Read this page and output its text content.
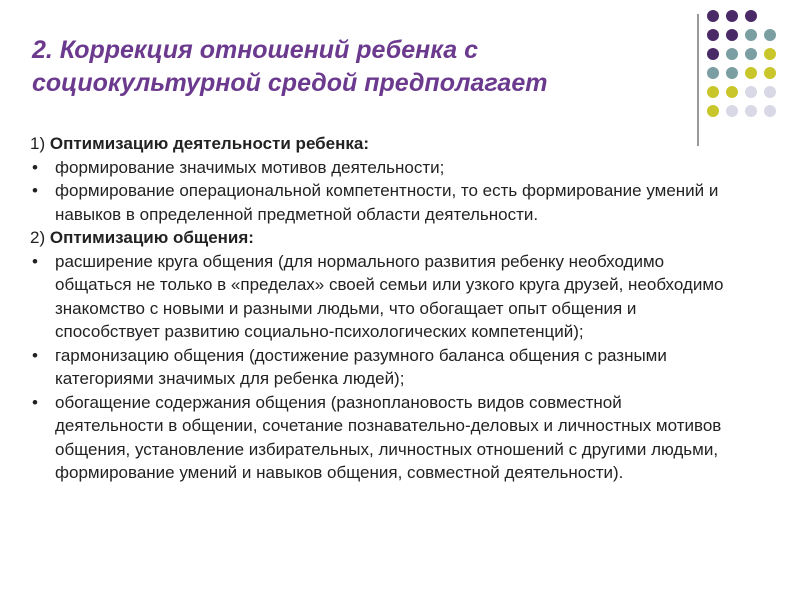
2. Коррекция отношений ребенка с
социокультурной средой предполагает

1) Оптимизацию деятельности ребенка:

• формирование значимых мотивов деятельности;
• формирование операциональной компетентности, то есть формирование умений и навыков в определенной предметной области деятельности.

2) Оптимизацию общения:

• расширение круга общения (для нормального развития ребенку необходимо общаться не только в «пределах» своей семьи или узкого круга друзей, необходимо знакомство с новыми и разными людьми, что обогащает опыт общения и способствует развитию социально-психологических компетенций);
• гармонизацию общения (достижение разумного баланса общения с разными категориями значимых для ребенка людей);
• обогащение содержания общения (разноплановость видов совместной деятельности в общении, сочетание познавательно-деловых и личностных мотивов общения, установление избирательных, личностных отношений с другими людьми, формирование умений и навыков общения, совместной деятельности).
